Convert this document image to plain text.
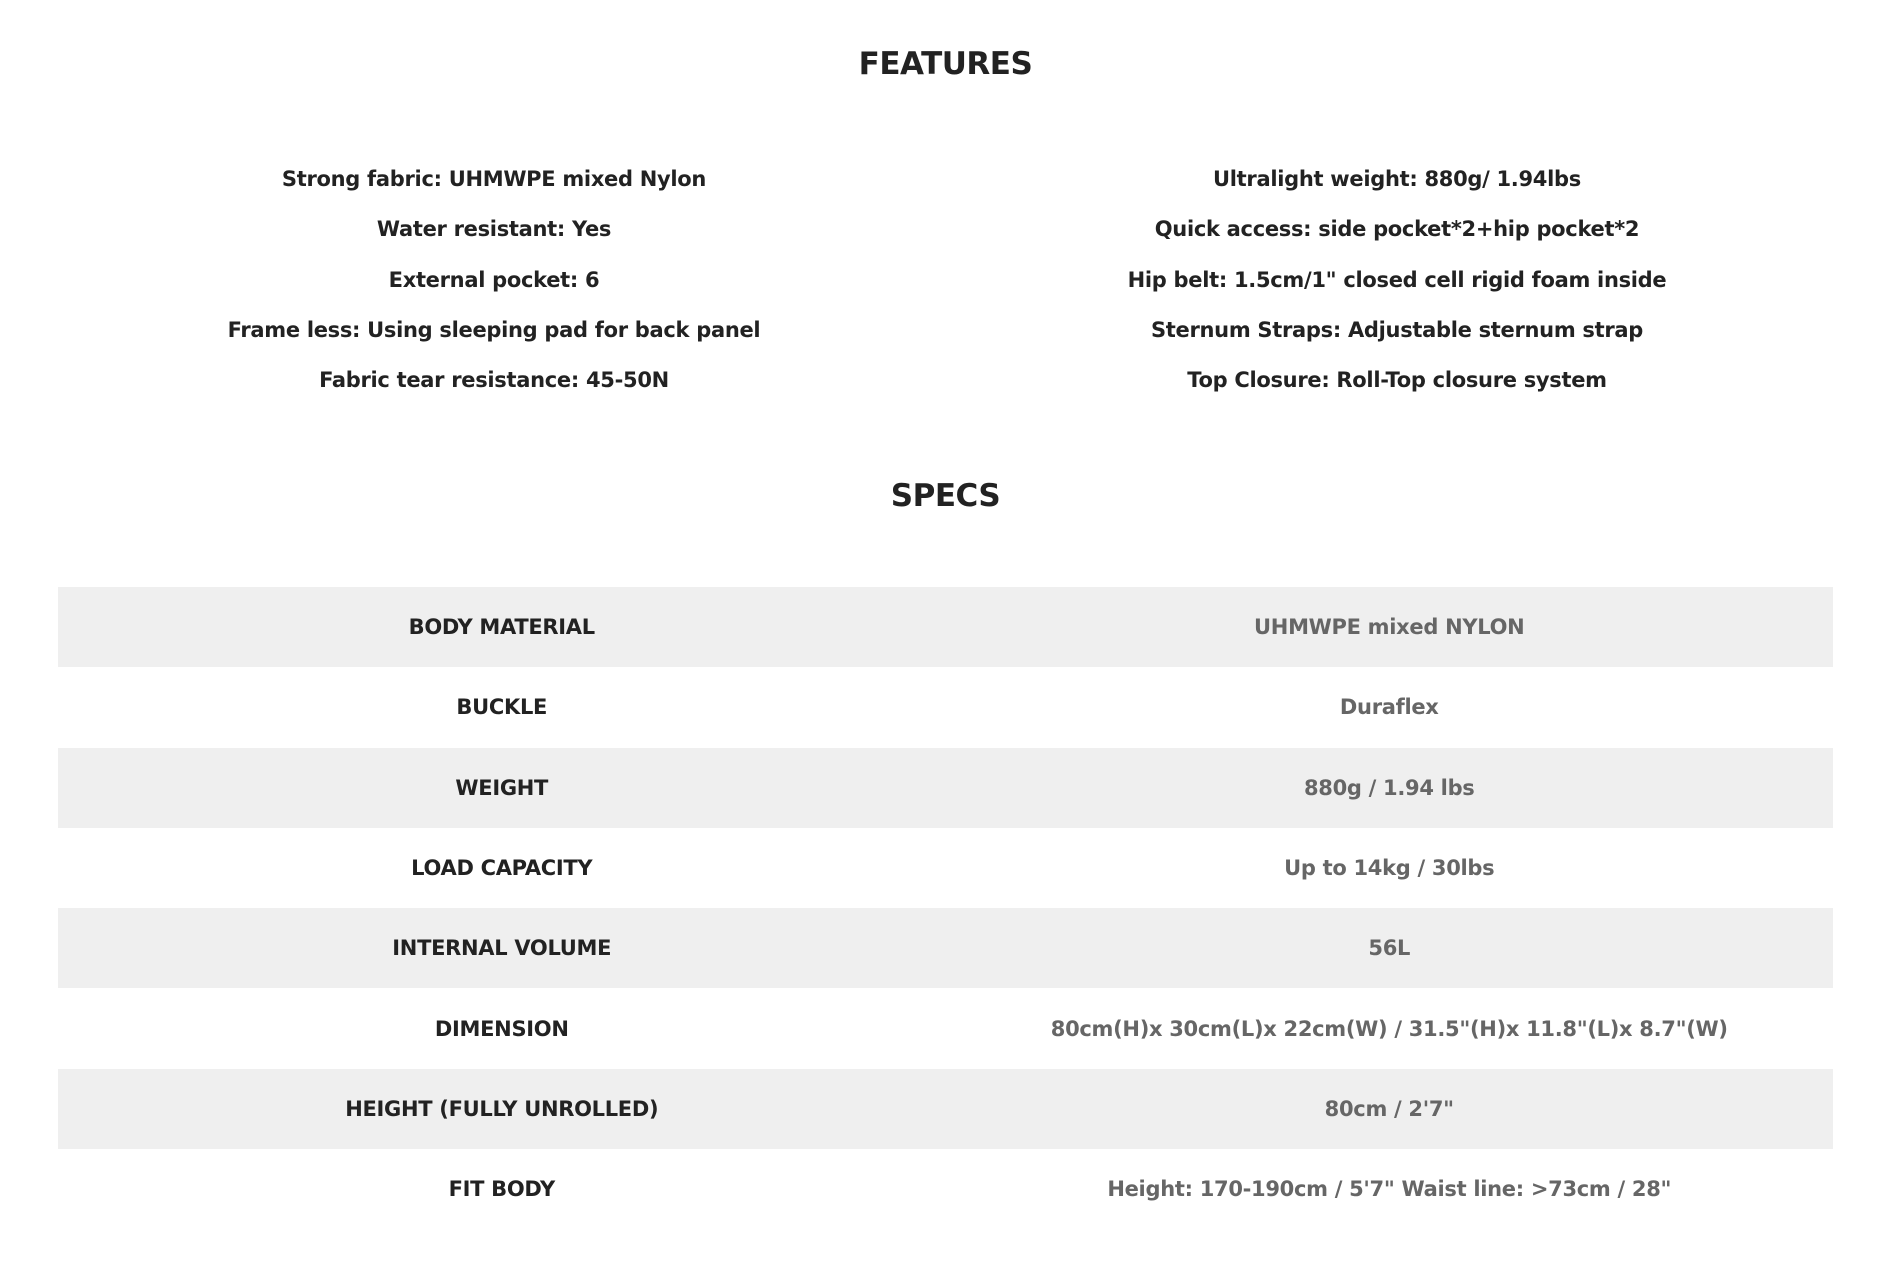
FEATURES
Strong fabric: UHMWPE mixed Nylon
Water resistant: Yes
External pocket: 6
Frame less: Using sleeping pad for back panel
Fabric tear resistance: 45-50N
Ultralight weight: 880g/ 1.94lbs
Quick access: side pocket*2+hip pocket*2
Hip belt: 1.5cm/1" closed cell rigid foam inside
Sternum Straps: Adjustable sternum strap
Top Closure: Roll-Top closure system
SPECS
BODY MATERIAL	UHMWPE mixed NYLON
BUCKLE	Duraflex
WEIGHT	880g / 1.94 lbs
LOAD CAPACITY	Up to 14kg / 30lbs
INTERNAL VOLUME	56L
DIMENSION	80cm(H)x 30cm(L)x 22cm(W) / 31.5"(H)x 11.8"(L)x 8.7"(W)
HEIGHT (FULLY UNROLLED)	80cm / 2'7"
FIT BODY	Height: 170-190cm / 5'7" Waist line: >73cm / 28"
